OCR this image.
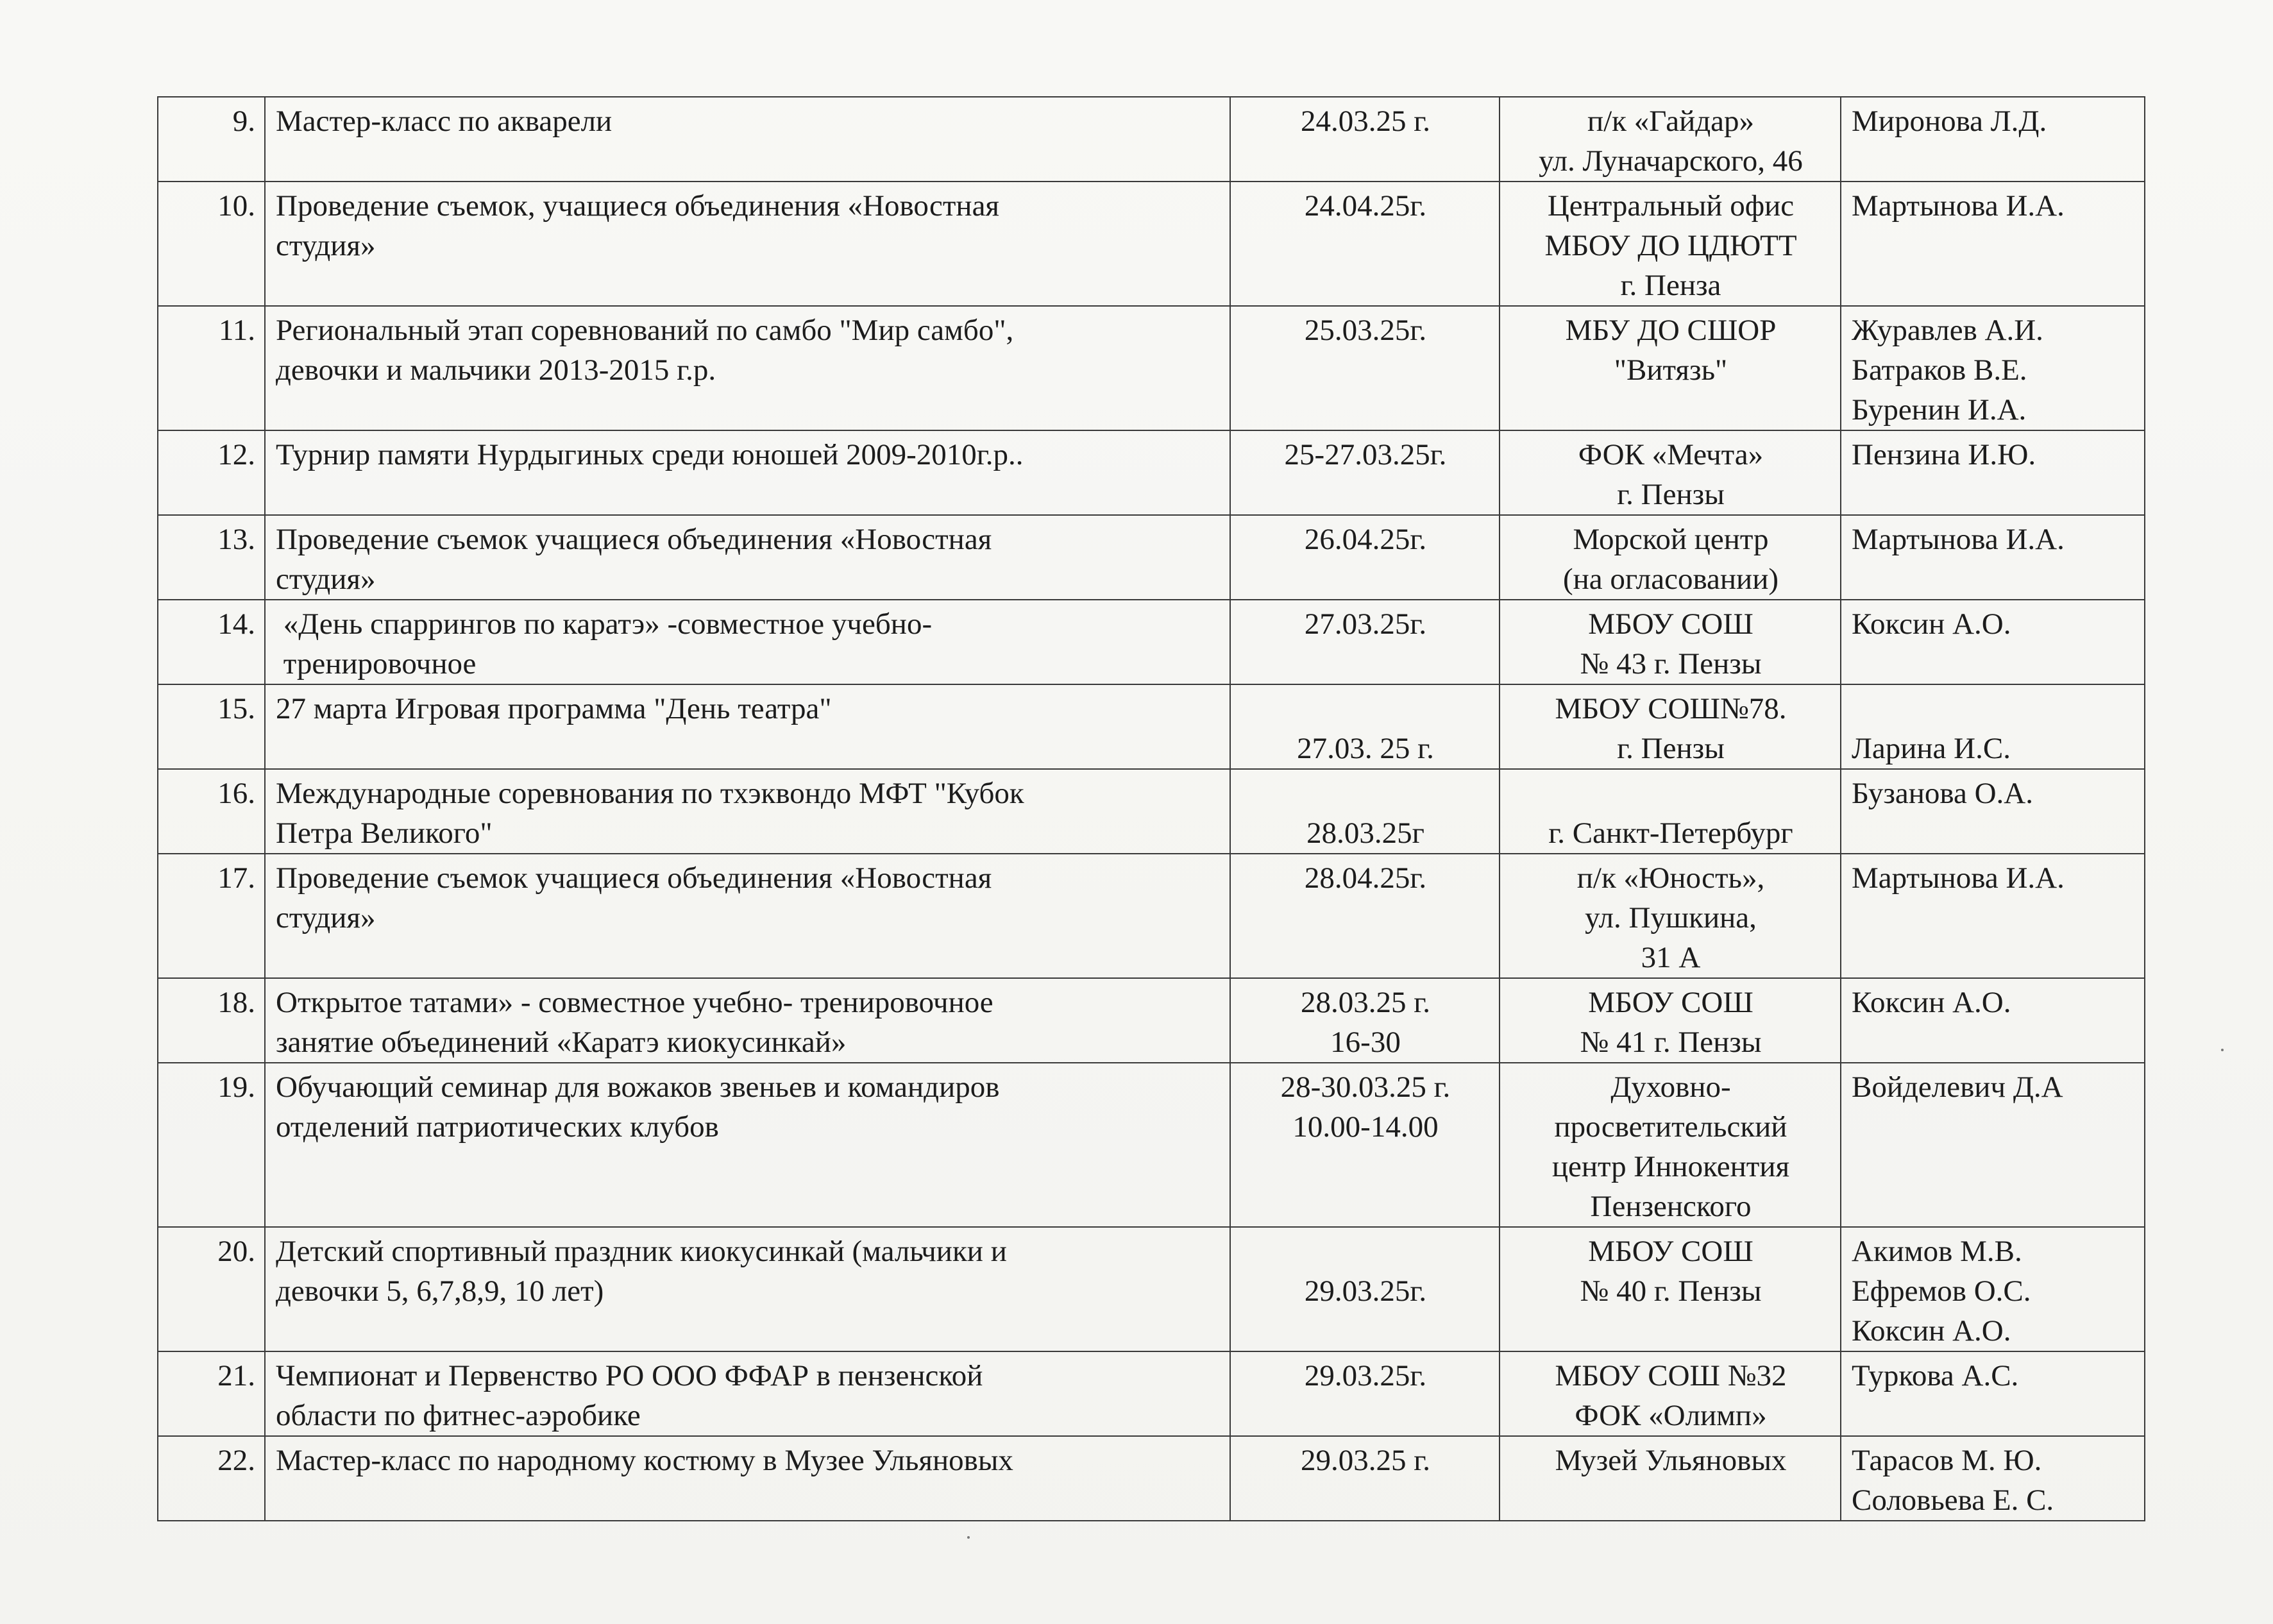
9.	Мастер-класс по акварели	24.03.25 г.	п/к «Гайдар»
ул. Луначарского, 46	Миронова Л.Д.

10.	Проведение съемок, учащиеся объединения «Новостная
студия»	24.04.25г.	Центральный офис
МБОУ ДО ЦДЮТТ
г. Пенза	Мартынова И.А.

11.	Региональный этап соревнований по самбо "Мир самбо",
девочки и мальчики 2013-2015 г.р.	25.03.25г.	МБУ ДО СШОР
"Витязь"	Журавлев А.И.
Батраков В.Е.
Буренин И.А.

12.	Турнир памяти Нурдыгиных среди юношей 2009-2010г.р..	25-27.03.25г.	ФОК «Мечта»
г. Пензы	Пензина И.Ю.

13.	Проведение съемок учащиеся объединения «Новостная
студия»	26.04.25г.	Морской центр
(на огласовании)	Мартынова И.А.

14.	«День спаррингов по каратэ» -совместное учебно-
тренировочное	27.03.25г.	МБОУ СОШ
№ 43 г. Пензы	Коксин А.О.

15.	27 марта Игровая программа "День театра"	27.03. 25 г.	МБОУ СОШ№78.
г. Пензы	Ларина И.С.

16.	Международные соревнования по тхэквондо МФТ "Кубок
Петра Великого"	28.03.25г	г. Санкт-Петербург	Бузанова О.А.

17.	Проведение съемок учащиеся объединения «Новостная
студия»	28.04.25г.	п/к «Юность»,
ул. Пушкина,
31 А	Мартынова И.А.

18.	Открытое татами» - совместное учебно- тренировочное
занятие объединений «Каратэ киокусинкай»	28.03.25 г.
16-30	МБОУ СОШ
№ 41 г. Пензы	Коксин А.О.

19.	Обучающий семинар для вожаков звеньев и командиров
отделений патриотических клубов	28-30.03.25 г.
10.00-14.00	Духовно-
просветительский
центр Иннокентия
Пензенского	Войделевич Д.А

20.	Детский спортивный праздник киокусинкай (мальчики и
девочки 5, 6,7,8,9, 10 лет)	29.03.25г.	МБОУ СОШ
№ 40 г. Пензы	Акимов М.В.
Ефремов О.С.
Коксин А.О.

21.	Чемпионат и Первенство РО ООО ФФАР в пензенской
области по фитнес-аэробике	29.03.25г.	МБОУ СОШ №32
ФОК «Олимп»	Туркова А.С.

22.	Мастер-класс по народному костюму в Музее Ульяновых	29.03.25 г.	Музей Ульяновых	Тарасов М. Ю.
Соловьева Е. С.
